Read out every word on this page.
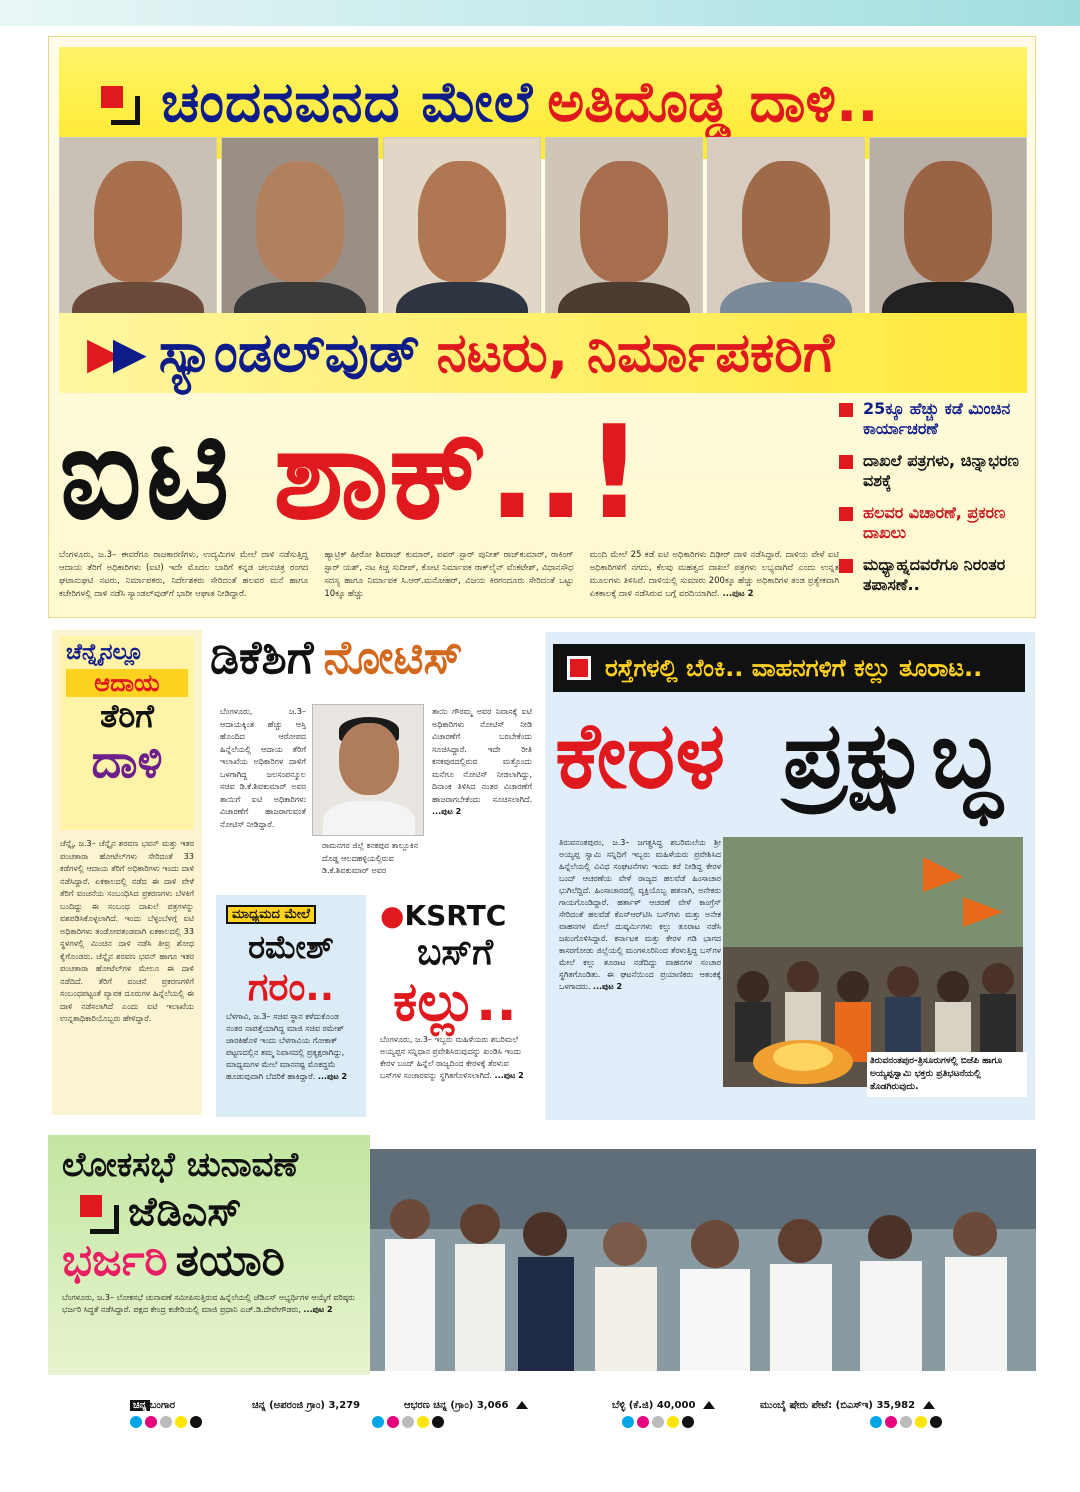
ಚಂದನವನದ ಮೇಲೆ ಅತಿದೊಡ್ಡ ದಾಳಿ..
▶▶ ಸ್ಯಾಂಡಲ್‌ವುಡ್ ನಟರು, ನಿರ್ಮಾಪಕರಿಗೆ
ಐಟಿ ಶಾಕ್..!	25ಕ್ಕೂ ಹೆಚ್ಚು ಕಡೆ ಮಿಂಚಿನ ಕಾರ್ಯಾಚರಣೆ
ದಾಖಲೆ ಪತ್ರಗಳು, ಚಿನ್ನಾಭರಣ ವಶಕ್ಕೆ
ಹಲವರ ವಿಚಾರಣೆ, ಪ್ರಕರಣ ದಾಖಲು
ಮಧ್ಯಾಹ್ನದವರೆಗೂ ನಿರಂತರ ತಪಾಸಣೆ..
ಬೆಂಗಳೂರು, ಜ.3– ಈವರೆಗೂ ರಾಜಕಾರಣಿಗಳು, ಉದ್ಯಮಿಗಳ ಮೇಲೆ ದಾಳಿ ನಡೆಸುತ್ತಿದ್ದ ಆದಾಯ ತೆರಿಗೆ ಅಧಿಕಾರಿಗಳು (ಐಟಿ) ಇದೇ ಮೊದಲ ಬಾರಿಗೆ ಕನ್ನಡ ಚಲನಚಿತ್ರ ರಂಗದ ಘಟಾನುಘಟಿ ನಟರು, ನಿರ್ಮಾಪಕರು, ನಿರ್ದೇಶಕರು ಸೇರಿದಂತೆ ಹಲವರ ಮನೆ ಹಾಗೂ ಕಚೇರಿಗಳಲ್ಲಿ ದಾಳಿ ನಡೆಸಿ ಸ್ಯಾಂಡಲ್‌ವುಡ್‌ಗೆ ಭಾರೀ ಆಘಾತ ನೀಡಿದ್ದಾರೆ.
ಹ್ಯಾಟ್ರಿಕ್ ಹೀರೋ ಶಿವರಾಜ್ ಕುಮಾರ್, ಪವರ್ ಸ್ಟಾರ್ ಪುನೀತ್ ರಾಜ್‌ಕುಮಾರ್, ರಾಕಿಂಗ್ ಸ್ಟಾರ್ ಯಶ್, ನಟ ಕಿಚ್ಚ ಸುದೀಪ್, ಕೋಟಿ ನಿರ್ಮಾಪಕ ರಾಕ್‌ಲೈನ್ ವೆಂಕಟೇಶ್, ವಿಧಾನಸೌಧ ಸದಸ್ಯ ಹಾಗೂ ನಿರ್ಮಾಪಕ ಸಿ.ಆರ್.ಮನೋಹರ್, ವಿಜಯ ಕಿರಗಂದೂರು ಸೇರಿದಂತೆ ಒಟ್ಟು 10ಕ್ಕೂ ಹೆಚ್ಚು
ಮಂದಿ ಮೇಲೆ 25 ಕಡೆ ಐಟಿ ಅಧಿಕಾರಿಗಳು ದಿಢೀರ್ ದಾಳಿ ನಡೆಸಿದ್ದಾರೆ. ದಾಳಿಯ ವೇಳೆ ಐಟಿ ಅಧಿಕಾರಿಗಳಿಗೆ ನಗದು, ಕೆಲವು ಮಹತ್ವದ ದಾಖಲೆ ಪತ್ರಗಳು ಲಭ್ಯವಾಗಿವೆ ಎಂದು ಉನ್ನತ ಮೂಲಗಳು ತಿಳಿಸಿವೆ. ದಾಳಿಯಲ್ಲಿ ಸುಮಾರು 200ಕ್ಕೂ ಹೆಚ್ಚು ಅಧಿಕಾರಿಗಳ ತಂಡ ಪ್ರತ್ಯೇಕವಾಗಿ ಏಕಕಾಲಕ್ಕೆ ದಾಳಿ ನಡೆಸಿರುವ ಬಗ್ಗೆ ವರದಿಯಾಗಿದೆ. ...ಪುಟ 2
ಚೆನ್ನೈನಲ್ಲೂ
ಆದಾಯ
ತೆರಿಗೆ
ದಾಳಿ
ಚೆನ್ನೈ, ಜ.3– ಚೆನ್ನೈನ ಶರವಣ ಭವನ್ ಮತ್ತು ಇತರ ಪಂಚತಾರಾ ಹೋಟೆಲ್‌ಗಳು ಸೇರಿದಂತೆ 33 ಕಡೆಗಳಲ್ಲಿ ಆದಾಯ ತೆರಿಗೆ ಅಧಿಕಾರಿಗಳು ಇಂದು ದಾಳಿ ನಡೆಸಿದ್ದಾರೆ. ಏಕಕಾಲದಲ್ಲಿ ನಡೆದ ಈ ದಾಳಿ ವೇಳೆ ತೆರಿಗೆ ವಂಚನೆಯ ಸಂಬಂಧಿಸಿದ ಪ್ರಕರಣಗಳು ಬೆಳಕಿಗೆ ಬಂದಿದ್ದು ಈ ಸಂಬಂಧ ದಾಖಲೆ ಪತ್ರಗಳನ್ನು ವಶಪಡಿಸಿಕೊಳ್ಳಲಾಗಿದೆ. ಇಂದು ಬೆಳ್ಳಂಬೆಳಗ್ಗೆ ಐಟಿ ಅಧಿಕಾರಿಗಳು ತಂಡೋಪತಂಡವಾಗಿ ಏಕಕಾಲದಲ್ಲಿ 33 ಸ್ಥಳಗಳಲ್ಲಿ ಮಿಂಚಿನ ದಾಳಿ ನಡೆಸಿ ತೀವ್ರ ಶೋಧ ಕೈಗೊಂಡರು. ಚೆನ್ನೈನ ಶರವಣ ಭವನ್ ಹಾಗೂ ಇತರ ಪಂಚತಾರಾ ಹೋಟೆಲ್‌ಗಳ ಮೇಲೂ ಈ ದಾಳಿ ನಡೆದಿದೆ. ತೆರಿಗೆ ವಂಚನೆ ಪ್ರಕರಣಗಳಿಗೆ ಸಂಬಂಧಪಟ್ಟಂತೆ ವ್ಯಾಪಕ ದೂರುಗಳ ಹಿನ್ನೆಲೆಯಲ್ಲಿ ಈ ದಾಳಿ ನಡೆಸಲಾಗಿದೆ ಎಂದು ಐಟಿ ಇಲಾಖೆಯ ಉನ್ನತಾಧಿಕಾರಿಯೊಬ್ಬರು ಹೇಳಿದ್ದಾರೆ.
ಡಿಕೆಶಿಗೆ ನೋಟಿಸ್
ಬೆಂಗಳೂರು, ಜ.3– ಆದಾಯಕ್ಕಿಂತ ಹೆಚ್ಚು ಆಸ್ತಿ ಹೊಂದಿದ ಆರೋಪದ ಹಿನ್ನೆಲೆಯಲ್ಲಿ ಆದಾಯ ತೆರಿಗೆ ಇಲಾಖೆಯ ಅಧಿಕಾರಿಗಳ ದಾಳಿಗೆ ಒಳಗಾಗಿದ್ದ ಜಲಸಂಪನ್ಮೂಲ ಸಚಿವ ಡಿ.ಕೆ.ಶಿವಕುಮಾರ್ ಅವರ ತಾಯಿಗೆ ಐಟಿ ಅಧಿಕಾರಿಗಳು ವಿಚಾರಣೆಗೆ ಹಾಜರಾಗುವಂತೆ ನೋಟಿಸ್ ನೀಡಿದ್ದಾರೆ.
ರಾಮನಗರ ಜಿಲ್ಲೆ ಕನಕಪುರ ತಾಲ್ಲೂಕಿನ ದೊಡ್ಡ ಆಲದಹಳ್ಳಿಯಲ್ಲಿರುವ ಡಿ.ಕೆ.ಶಿವಕುಮಾರ್ ಅವರ
ತಾಯಿ ಗೌರಮ್ಮ ಅವರ ನಿವಾಸಕ್ಕೆ ಐಟಿ ಅಧಿಕಾರಿಗಳು ನೋಟಿಸ್ ನೀಡಿ ವಿಚಾರಣೆಗೆ ಬರಬೇಕೆಂದು ಸೂಚಿಸಿದ್ದಾರೆ. ಇದೇ ರೀತಿ ಕನಕಪುರದಲ್ಲಿರುವ ಮತ್ತೊಂದು ಮನೆಗೂ ನೋಟಿಸ್ ನೀಡಲಾಗಿದ್ದು, ದಿನಾಂಕ ತಿಳಿಸಿದ ನಂತರ ವಿಚಾರಣೆಗೆ ಹಾಜರಾಗಬೇಕೆಂದು ಸೂಚಿಸಲಾಗಿದೆ. ...ಪುಟ 2
ಮಾಧ್ಯಮದ ಮೇಲೆ
ರಮೇಶ್
ಗರಂ..
ಬೆಳಗಾವಿ, ಜ.3– ಸಚಿವ ಸ್ಥಾನ ಕಳೆದುಕೊಂಡ ನಂತರ ನಾಪತ್ತೆಯಾಗಿದ್ದ ಮಾಜಿ ಸಚಿವ ರಮೇಶ್ ಜಾರಕಿಹೊಳಿ ಇಂದು ಬೆಳಗಾವಿಯ ಗೋಕಾಕ್ ಪಟ್ಟಣದಲ್ಲಿನ ತಮ್ಮ ನಿವಾಸದಲ್ಲಿ ಪ್ರತ್ಯಕ್ಷರಾಗಿದ್ದು, ಮಾಧ್ಯಮಗಳ ಮೇಲೆ ಮಾನನಷ್ಟ ಮೊಕದ್ದಮೆ ಹೂಡುವುದಾಗಿ ಬೆದರಿಕೆ ಹಾಕಿದ್ದಾರೆ. ...ಪುಟ 2
●KSRTC
ಬಸ್‌ಗೆ
ಕಲ್ಲು..
ಬೆಂಗಳೂರು, ಜ.3– ಇಬ್ಬರು ಮಹಿಳೆಯರು ಶಬರಿಮಲೆ ಅಯ್ಯಪ್ಪನ ಸನ್ನಿಧಾನ ಪ್ರವೇಶಿಸಿರುವುದನ್ನು ಖಂಡಿಸಿ ಇಂದು ಕೇರಳ ಬಂದ್ ಹಿನ್ನೆಲೆ ರಾಜ್ಯದಿಂದ ಕೇರಳಕ್ಕೆ ತೆರಳುವ ಬಸ್‌ಗಳ ಸಂಚಾರವನ್ನು ಸ್ಥಗಿತಗೊಳಿಸಲಾಗಿದೆ. ...ಪುಟ 2
ರಸ್ತೆಗಳಲ್ಲಿ ಬೆಂಕಿ.. ವಾಹನಗಳಿಗೆ ಕಲ್ಲು ತೂರಾಟ..
ಕೇರಳ ಪ್ರಕ್ಷುಬ್ಧ
ತಿರುವನಂತಪುರಂ, ಜ.3– ಜಗತ್ಪ್ರಸಿದ್ಧ ಶಬರಿಮಲೆಯ ಶ್ರೀ ಅಯ್ಯಪ್ಪ ಸ್ವಾಮಿ ಸನ್ನಿಧಿಗೆ ಇಬ್ಬರು ಮಹಿಳೆಯರು ಪ್ರವೇಶಿಸಿದ ಹಿನ್ನೆಲೆಯಲ್ಲಿ ವಿವಿಧ ಸಂಘಟನೆಗಳು ಇಂದು ಕರೆ ನೀಡಿದ್ದ ಕೇರಳ ಬಂದ್ ಆಚರಣೆಯ ವೇಳೆ ರಾಜ್ಯದ ಹಲವೆಡೆ ಹಿಂಸಾಚಾರ ಭುಗಿಲೆದ್ದಿದೆ. ಹಿಂಸಾಚಾರದಲ್ಲಿ ವ್ಯಕ್ತಿಯೊಬ್ಬ ಹತನಾಗಿ, ಅನೇಕರು ಗಾಯಗೊಂಡಿದ್ದಾರೆ. ಹರ್ತಾಳ್ ಆಚರಣೆ ವೇಳೆ ಕಾಂಗ್ರೆಸ್ ಸೇರಿದಂತೆ ಹಲವೆಡೆ ಕೆಎಸ್‌ಆರ್‌ಟಿಸಿ ಬಸ್‌ಗಳು ಮತ್ತು ಅನೇಕ ವಾಹನಗಳ ಮೇಲೆ ದುಷ್ಕರ್ಮಿಗಳು ಕಲ್ಲು ತೂರಾಟ ನಡೆಸಿ ಜಖಂಗೊಳಿಸಿದ್ದಾರೆ. ಕರ್ನಾಟಕ ಮತ್ತು ಕೇರಳ ಗಡಿ ಭಾಗದ ಕಾಸರಗೋಡು ಜಿಲ್ಲೆಯಲ್ಲಿ ಮಂಗಳೂರಿನಿಂದ ತೆರಳುತ್ತಿದ್ದ ಬಸ್‌ಗಳ ಮೇಲೆ ಕಲ್ಲು ತೂರಾಟ ನಡೆದಿದ್ದು ವಾಹನಗಳ ಸಂಚಾರ ಸ್ಥಗಿತಗೊಂಡಿತು. ಈ ಘಟನೆಯಿಂದ ಪ್ರಯಾಣಿಕರು ಆತಂಕಕ್ಕೆ ಒಳಗಾದರು. ...ಪುಟ 2
ತಿರುವನಂತಪುರ-ತ್ರಿಸೂರುಗಳಲ್ಲಿ ಬಿಜೆಪಿ ಹಾಗೂ ಅಯ್ಯಪ್ಪಸ್ವಾಮಿ ಭಕ್ತರು ಪ್ರತಿಭಟನೆಯಲ್ಲಿ ತೊಡಗಿರುವುದು.
ಲೋಕಸಭೆ ಚುನಾವಣೆ
ಜೆಡಿಎಸ್
ಭರ್ಜರಿ ತಯಾರಿ
ಬೆಂಗಳೂರು, ಜ.3– ಲೋಕಸಭೆ ಚುನಾವಣೆ ಸಮೀಪಿಸುತ್ತಿರುವ ಹಿನ್ನೆಲೆಯಲ್ಲಿ ಜೆಡಿಎಸ್ ಅಭ್ಯರ್ಥಿಗಳ ಆಯ್ಕೆಗೆ ವರಿಷ್ಠರು ಭರ್ಜರಿ ಸಿದ್ಧತೆ ನಡೆಸಿದ್ದಾರೆ. ಪಕ್ಷದ ಕೇಂದ್ರ ಕಚೇರಿಯಲ್ಲಿ ಮಾಜಿ ಪ್ರಧಾನಿ ಎಚ್.ಡಿ.ದೇವೇಗೌಡರು, ...ಪುಟ 2
ಚಿನ್ನ ಬಂಗಾರ	ಚಿನ್ನ (ಅಪರಂಜಿ ಗ್ರಾಂ) 3,279	ಆಭರಣ ಚಿನ್ನ (ಗ್ರಾಂ) 3,066	ಬೆಳ್ಳಿ (ಕೆ.ಜಿ) 40,000	ಮುಂಬೈ ಷೇರು ಪೇಟೆ: (ಬಿಎಸ್‌ಇ) 35,982
